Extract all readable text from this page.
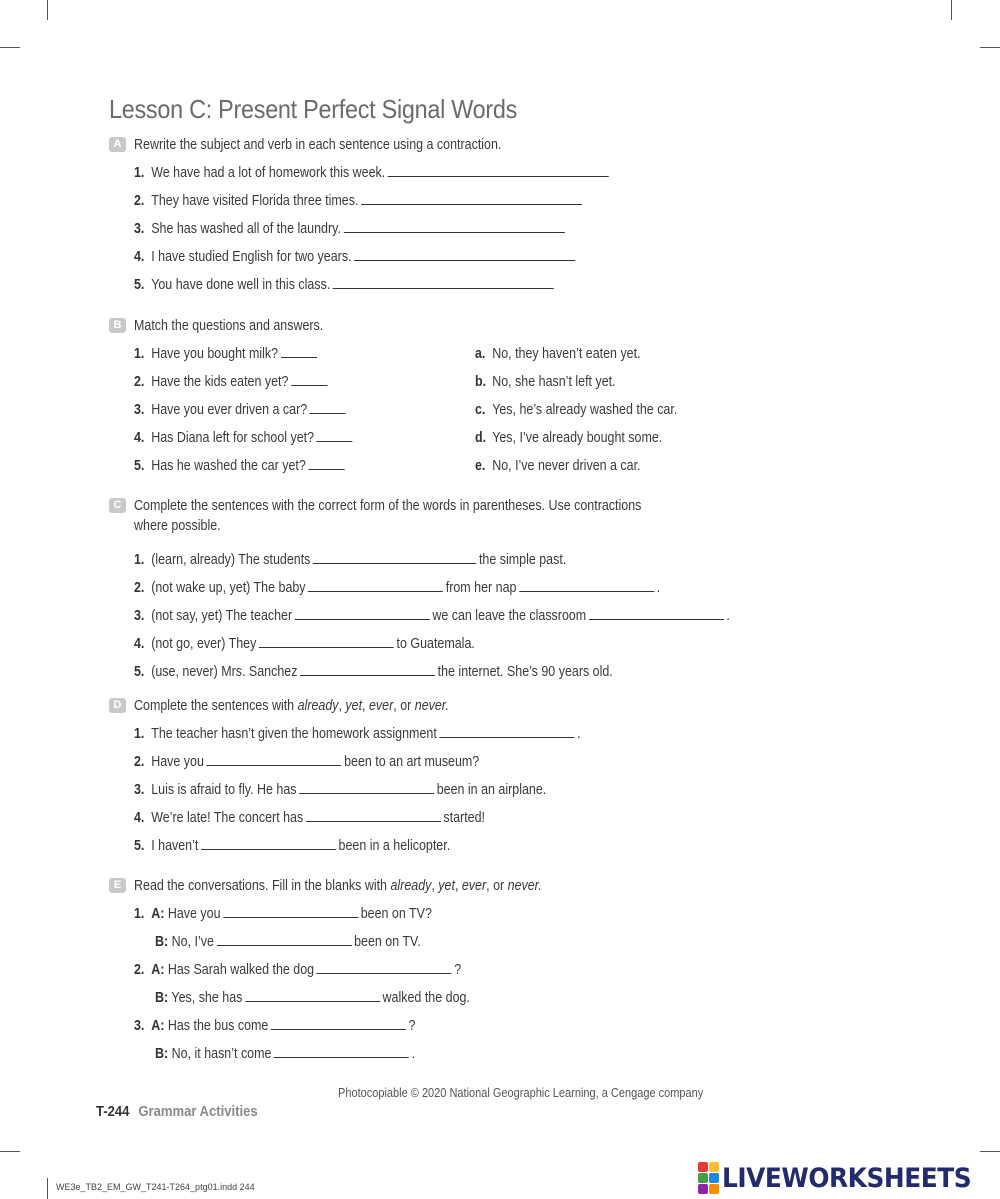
Lesson C: Present Perfect Signal Words
A Rewrite the subject and verb in each sentence using a contraction.
1. We have had a lot of homework this week.
2. They have visited Florida three times.
3. She has washed all of the laundry.
4. I have studied English for two years.
5. You have done well in this class.
B Match the questions and answers.
1. Have you bought milk?	a. No, they haven’t eaten yet.
2. Have the kids eaten yet?	b. No, she hasn’t left yet.
3. Have you ever driven a car?	c. Yes, he’s already washed the car.
4. Has Diana left for school yet?	d. Yes, I’ve already bought some.
5. Has he washed the car yet?	e. No, I’ve never driven a car.
C Complete the sentences with the correct form of the words in parentheses. Use contractions
where possible.
1. (learn, already) The students	the simple past.
2. (not wake up, yet) The baby	from her nap	.
3. (not say, yet) The teacher	we can leave the classroom	.
4. (not go, ever) They	to Guatemala.
5. (use, never) Mrs. Sanchez	the internet. She’s 90 years old.
D Complete the sentences with already, yet, ever, or never.
1. The teacher hasn’t given the homework assignment	.
2. Have you	been to an art museum?
3. Luis is afraid to fly. He has	been in an airplane.
4. We’re late! The concert has	started!
5. I haven’t	been in a helicopter.
E Read the conversations. Fill in the blanks with already, yet, ever, or never.
1. A: Have you	been on TV?
B: No, I’ve	been on TV.
2. A: Has Sarah walked the dog	?
B: Yes, she has	walked the dog.
3. A: Has the bus come	?
B: No, it hasn’t come	.
Photocopiable © 2020 National Geographic Learning, a Cengage company
T-244 Grammar Activities
WE3e_TB2_EM_GW_T241-T264_ptg01.indd 244	LIVEWORKSHEETS
